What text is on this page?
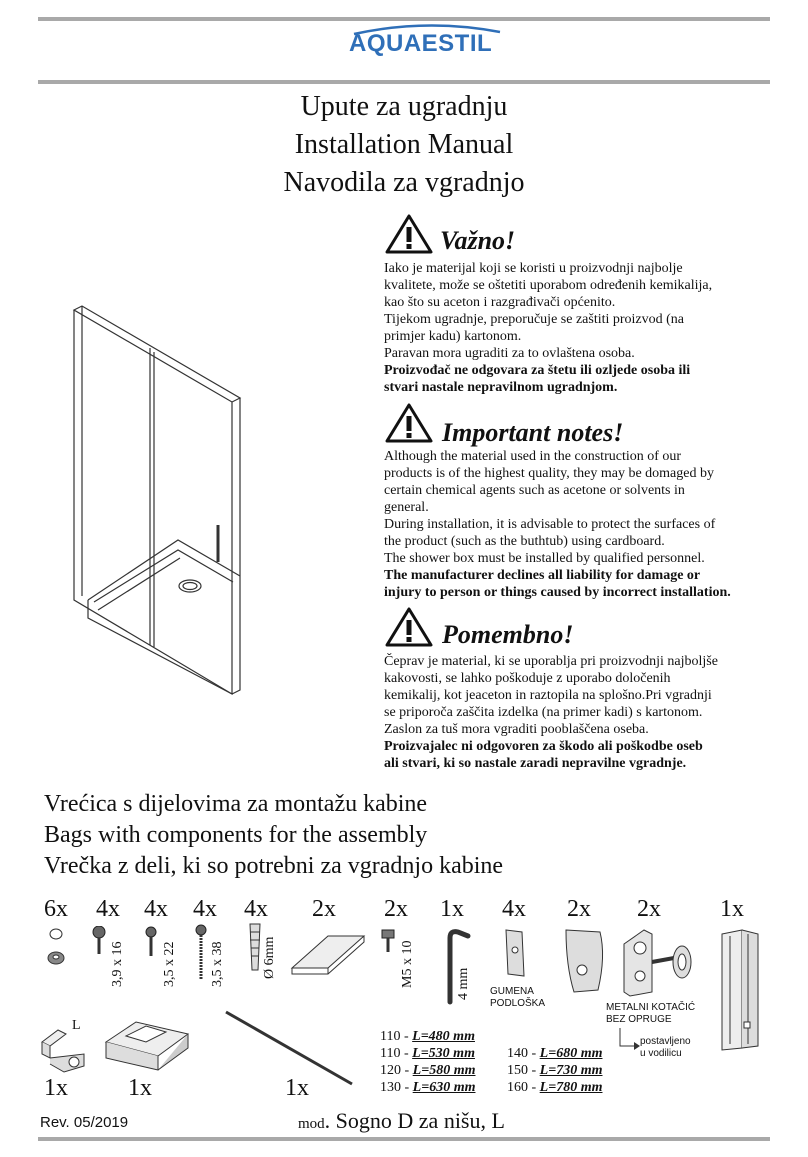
AQUAESTIL
Upute za ugradnju
Installation Manual
Navodila za vgradnjo
Važno!

Iako je materijal koji se koristi u proizvodnji najbolje

kvalitete, može se oštetiti uporabom određenih kemikalija,

kao što su aceton i razgrađivači općenito.

Tijekom ugradnje, preporučuje se zaštiti proizvod (na

primjer kadu) kartonom.

Paravan mora ugraditi za to ovlaštena osoba.

Proizvođač ne odgovara za štetu ili ozljede osoba ili
stvari nastale nepravilnom ugradnjom.
Important notes!

Although the material used in the construction of our

products is of the highest quality, they may be domaged by

certain chemical agents such as acetone or solvents in

general.

During installation, it is advisable to protect the surfaces of

the product (such as the buthtub) using cardboard.

The shower box must be installed by qualified personnel.

The manufacturer declines all liability for damage or
injury to person or things caused by incorrect installation.
Pomembno!

Čeprav je material, ki se uporablja pri proizvodnji najboljše

kakovosti, se lahko poškoduje z uporabo določenih

kemikalij, kot jeaceton in raztopila na splošno.Pri vgradnji

se priporoča zaščita izdelka (na primer kadi) s kartonom.

Zaslon za tuš mora vgraditi pooblaščena oseba.

Proizvajalec ni odgovoren za škodo ali poškodbe oseb
ali stvari, ki so nastale zaradi nepravilne vgradnje.
Vrećica s dijelovima za montažu kabine
Bags with components for the assembly
Vrečka z deli, ki so potrebni za vgradnjo kabine
6x 4x 4x 4x 4x 2x 2x 1x 4x 2x 2x 1x
3,9 x 16	3,5 x 22 3,5 x 38	Ø 6mm	M5 x 10	4 mm GUMENA
PODLOŠKA	METALNI KOTAČIĆ
BEZ OPRUGE
postavljeno
u vodilicu
L
1x	1x	1x
110 - L=480 mm
110 - L=530 mm
120 - L=580 mm
130 - L=630 mm
140 - L=680 mm
150 - L=730 mm
160 - L=780 mm
Rev. 05/2019	mod. Sogno D za nišu, L
